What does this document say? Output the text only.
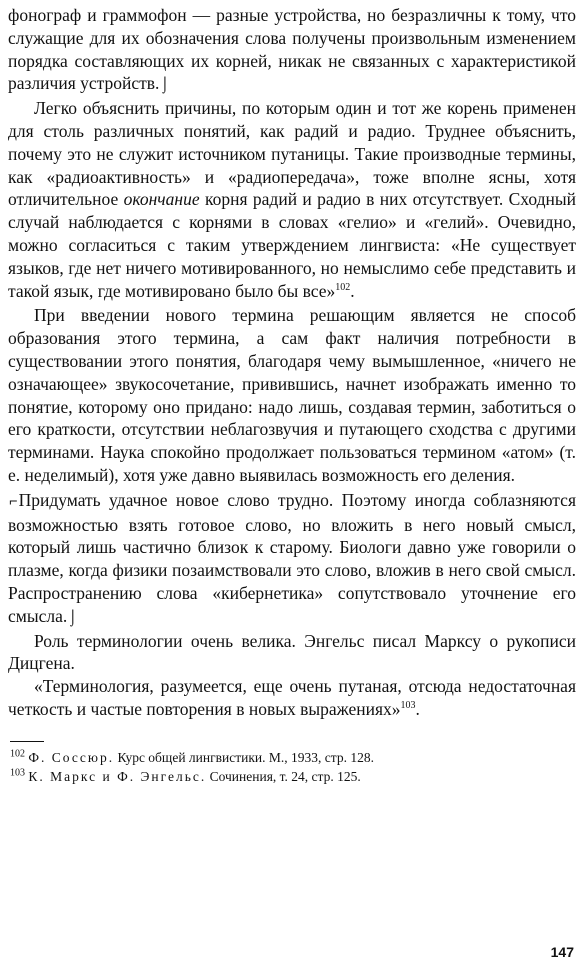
фонограф и граммофон — разные устройства, но безразличны к тому, что служащие для их обозначения слова получены произвольным изменением порядка составляющих их корней, никак не связанных с характеристикой различия устройств.⌡

Легко объяснить причины, по которым один и тот же корень применен для столь различных понятий, как радий и радио. Труднее объяснить, почему это не служит источником путаницы. Такие производные термины, как «радиоактивность» и «радиопередача», тоже вполне ясны, хотя отличительное окончание корня радий и радио в них отсутствует. Сходный случай наблюдается с корнями в словах «гелио» и «гелий». Очевидно, можно согласиться с таким утверждением лингвиста: «Не существует языков, где нет ничего мотивированного, но немыслимо себе представить и такой язык, где мотивировано было бы все»$^{102}$.

При введении нового термина решающим является не способ образования этого термина, а сам факт наличия потребности в существовании этого понятия, благодаря чему вымышленное, «ничего не означающее» звукосочетание, привившись, начнет изображать именно то понятие, которому оно придано: надо лишь, создавая термин, заботиться о его краткости, отсутствии неблагозвучия и путающего сходства с другими терминами. Наука спокойно продолжает пользоваться термином «атом» (т. е. неделимый), хотя уже давно выявилась возможность его деления.

⌐Придумать удачное новое слово трудно. Поэтому иногда соблазняются возможностью взять готовое слово, но вложить в него новый смысл, который лишь частично близок к старому. Биологи давно уже говорили о плазме, когда физики позаимствовали это слово, вложив в него свой смысл. Распространению слова «кибернетика» сопутствовало уточнение его смысла.⌡

Роль терминологии очень велика. Энгельс писал Марксу о рукописи Дицгена.

«Терминология, разумеется, еще очень путаная, отсюда недостаточная четкость и частые повторения в новых выражениях»$^{103}$.

$^{102}$ Ф. Соссюр. Курс общей лингвистики. М., 1933, стр. 128.

$^{103}$ К. Маркс и Ф. Энгельс. Сочинения, т. 24, стр. 125.

147
